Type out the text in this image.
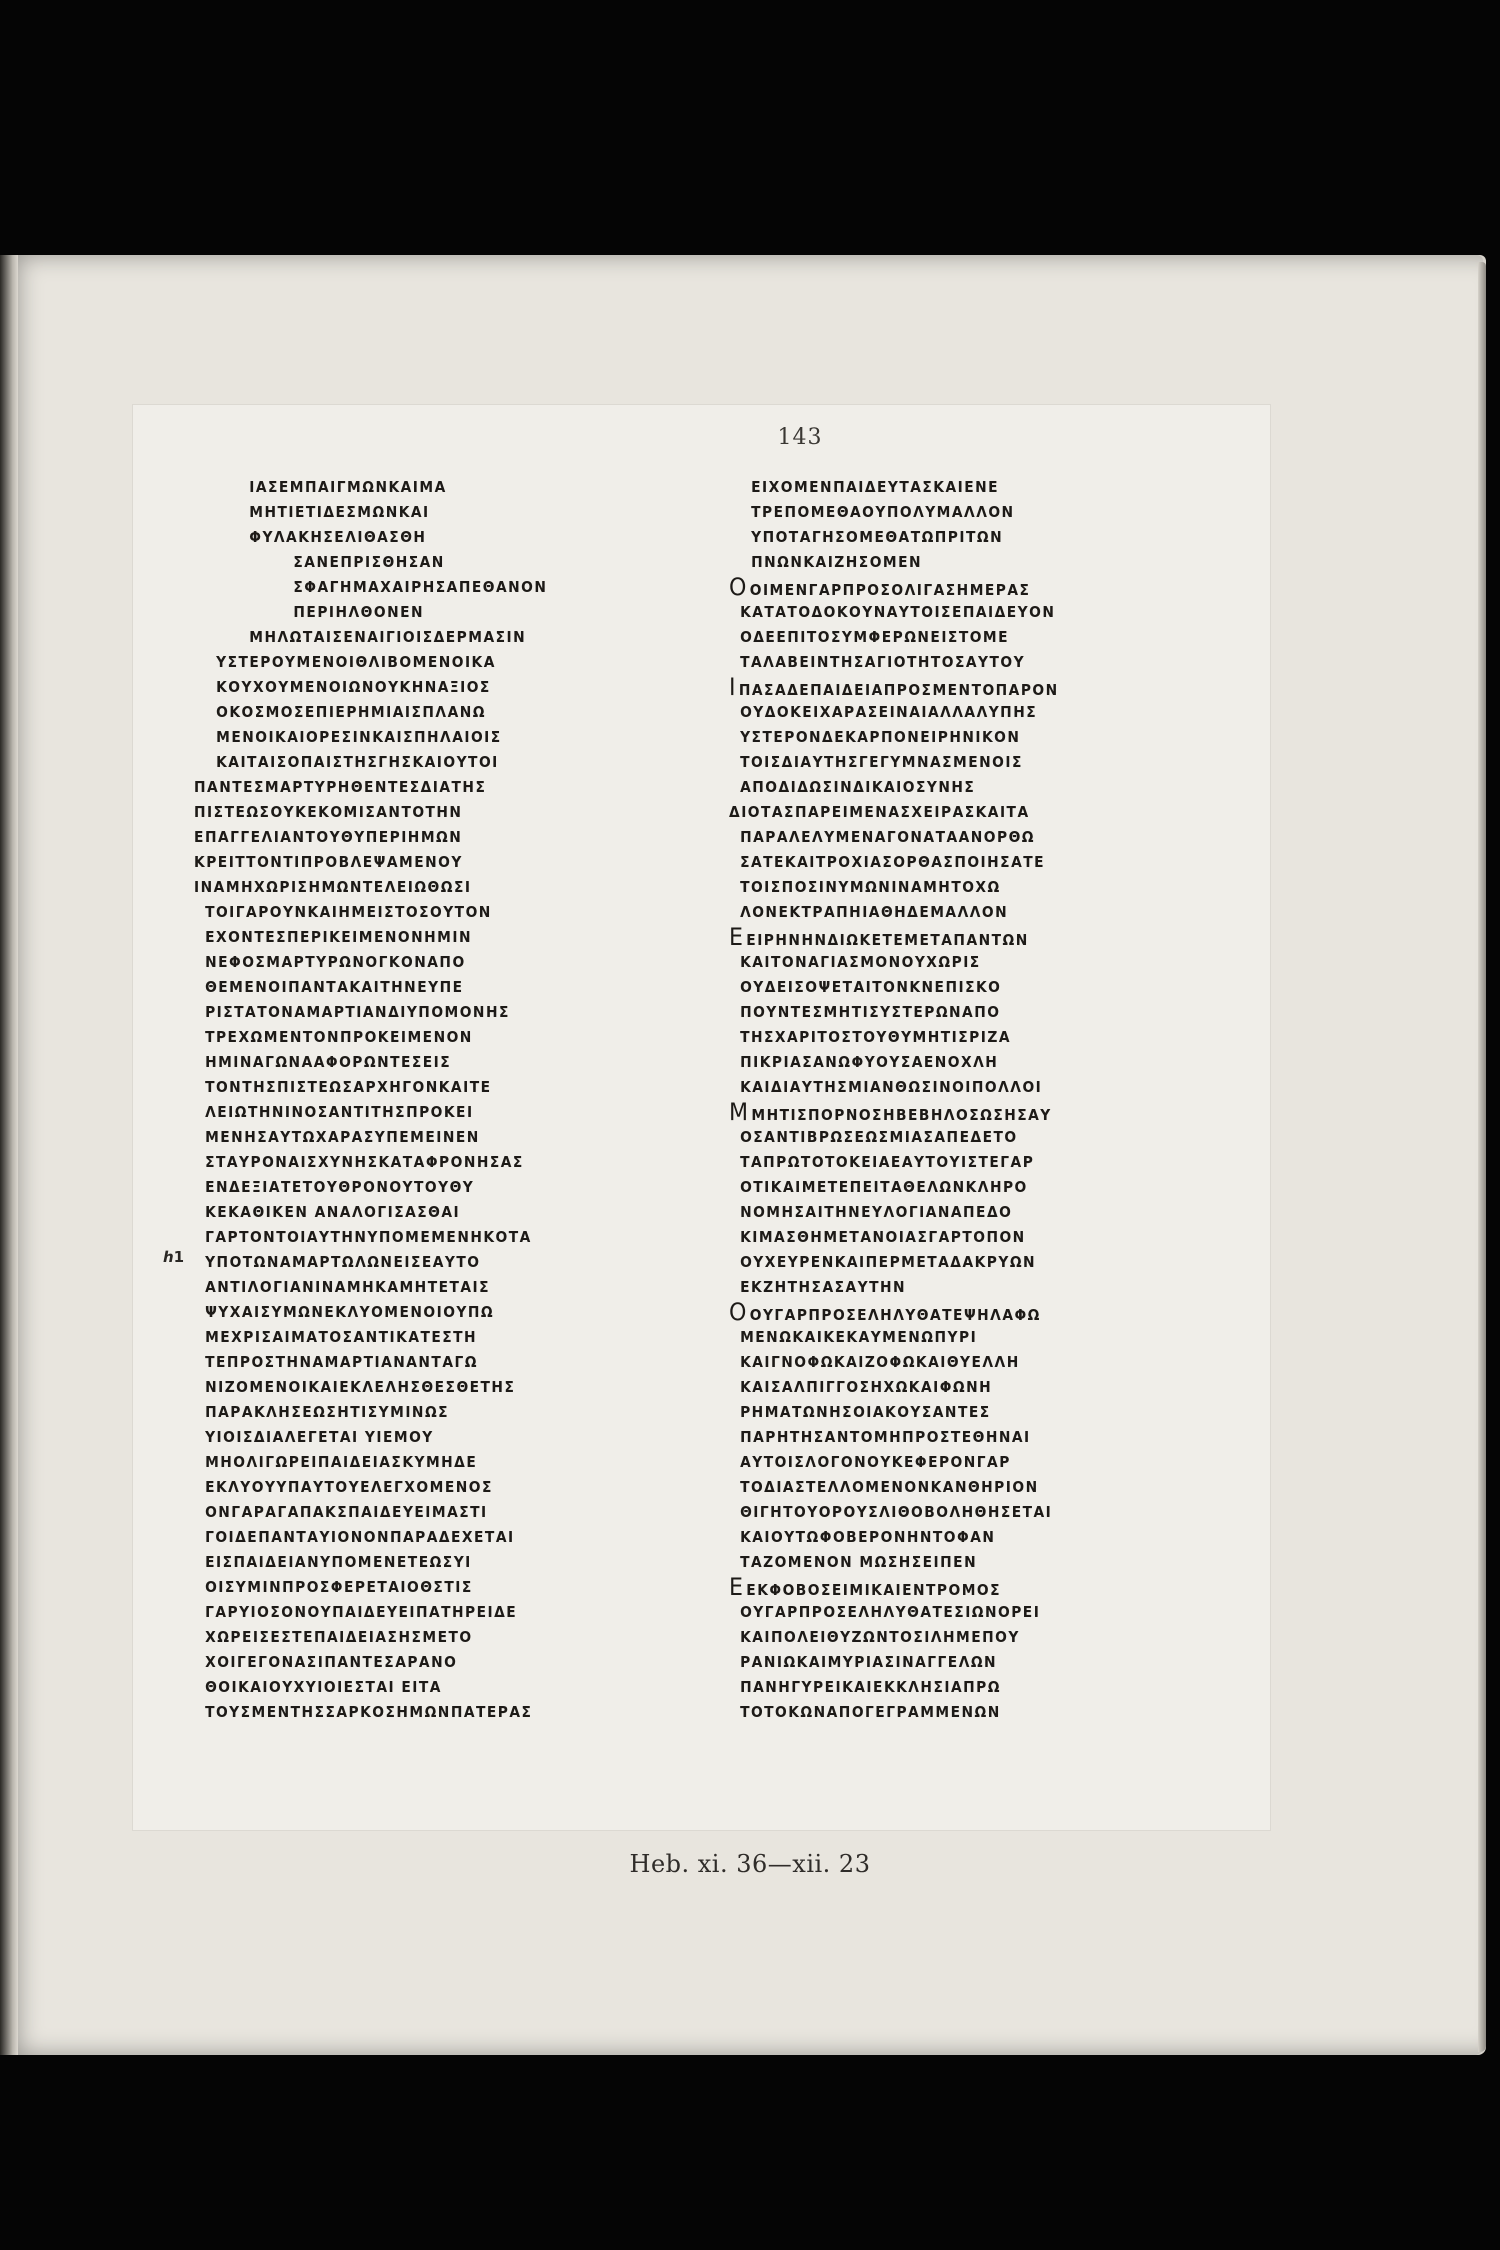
143
ℎ1
ΙΑΣΕΜΠΑΙΓΜΩΝΚΑΙΜΑ
ΜΗΤΙΕΤΙΔΕΣΜΩΝΚΑΙ
ΦΥΛΑΚΗΣΕΛΙΘΑΣΘΗ
ΣΑΝΕΠΡΙΣΘΗΣΑΝ
ΣΦΑΓΗΜΑΧΑΙΡΗΣΑΠΕΘΑΝΟΝ
ΠΕΡΙΗΛΘΟΝΕΝ
ΜΗΛΩΤΑΙΣΕΝΑΙΓΙΟΙΣΔΕΡΜΑΣΙΝ
ΥΣΤΕΡΟΥΜΕΝΟΙΘΛΙΒΟΜΕΝΟΙΚΑ
ΚΟΥΧΟΥΜΕΝΟΙΩΝΟΥΚΗΝΑΞΙΟΣ
ΟΚΟΣΜΟΣΕΠΙΕΡΗΜΙΑΙΣΠΛΑΝΩ
ΜΕΝΟΙΚΑΙΟΡΕΣΙΝΚΑΙΣΠΗΛΑΙΟΙΣ
ΚΑΙΤΑΙΣΟΠΑΙΣΤΗΣΓΗΣΚΑΙΟΥΤΟΙ
ΠΑΝΤΕΣΜΑΡΤΥΡΗΘΕΝΤΕΣΔΙΑΤΗΣ
ΠΙΣΤΕΩΣΟΥΚΕΚΟΜΙΣΑΝΤΟΤΗΝ
ΕΠΑΓΓΕΛΙΑΝΤΟΥΘΥΠΕΡΙΗΜΩΝ
ΚΡΕΙΤΤΟΝΤΙΠΡΟΒΛΕΨΑΜΕΝΟΥ
ΙΝΑΜΗΧΩΡΙΣΗΜΩΝΤΕΛΕΙΩΘΩΣΙ
ΤΟΙΓΑΡΟΥΝΚΑΙΗΜΕΙΣΤΟΣΟΥΤΟΝ
ΕΧΟΝΤΕΣΠΕΡΙΚΕΙΜΕΝΟΝΗΜΙΝ
ΝΕΦΟΣΜΑΡΤΥΡΩΝΟΓΚΟΝΑΠΟ
ΘΕΜΕΝΟΙΠΑΝΤΑΚΑΙΤΗΝΕΥΠΕ
ΡΙΣΤΑΤΟΝΑΜΑΡΤΙΑΝΔΙΥΠΟΜΟΝΗΣ
ΤΡΕΧΩΜΕΝΤΟΝΠΡΟΚΕΙΜΕΝΟΝ
ΗΜΙΝΑΓΩΝΑΑΦΟΡΩΝΤΕΣΕΙΣ
ΤΟΝΤΗΣΠΙΣΤΕΩΣΑΡΧΗΓΟΝΚΑΙΤΕ
ΛΕΙΩΤΗΝΙΝΟΣΑΝΤΙΤΗΣΠΡΟΚΕΙ
ΜΕΝΗΣΑΥΤΩΧΑΡΑΣΥΠΕΜΕΙΝΕΝ
ΣΤΑΥΡΟΝΑΙΣΧΥΝΗΣΚΑΤΑΦΡΟΝΗΣΑΣ
ΕΝΔΕΞΙΑΤΕΤΟΥΘΡΟΝΟΥΤΟΥΘΥ
ΚΕΚΑΘΙΚΕΝ ΑΝΑΛΟΓΙΣΑΣΘΑΙ
ΓΑΡΤΟΝΤΟΙΑΥΤΗΝΥΠΟΜΕΜΕΝΗΚΟΤΑ
ΥΠΟΤΩΝΑΜΑΡΤΩΛΩΝΕΙΣΕΑΥΤΟ
ΑΝΤΙΛΟΓΙΑΝΙΝΑΜΗΚΑΜΗΤΕΤΑΙΣ
ΨΥΧΑΙΣΥΜΩΝΕΚΛΥΟΜΕΝΟΙΟΥΠΩ
ΜΕΧΡΙΣΑΙΜΑΤΟΣΑΝΤΙΚΑΤΕΣΤΗ
ΤΕΠΡΟΣΤΗΝΑΜΑΡΤΙΑΝΑΝΤΑΓΩ
ΝΙΖΟΜΕΝΟΙΚΑΙΕΚΛΕΛΗΣΘΕΣΘΕΤΗΣ
ΠΑΡΑΚΛΗΣΕΩΣΗΤΙΣΥΜΙΝΩΣ
ΥΙΟΙΣΔΙΑΛΕΓΕΤΑΙ ΥΙΕΜΟΥ
ΜΗΟΛΙΓΩΡΕΙΠΑΙΔΕΙΑΣΚΥΜΗΔΕ
ΕΚΛΥΟΥΥΠΑΥΤΟΥΕΛΕΓΧΟΜΕΝΟΣ
ΟΝΓΑΡΑΓΑΠΑΚΣΠΑΙΔΕΥΕΙΜΑΣΤΙ
ΓΟΙΔΕΠΑΝΤΑΥΙΟΝΟΝΠΑΡΑΔΕΧΕΤΑΙ
ΕΙΣΠΑΙΔΕΙΑΝΥΠΟΜΕΝΕΤΕΩΣΥΙ
ΟΙΣΥΜΙΝΠΡΟΣΦΕΡΕΤΑΙΟΘΣΤΙΣ
ΓΑΡΥΙΟΣΟΝΟΥΠΑΙΔΕΥΕΙΠΑΤΗΡΕΙΔΕ
ΧΩΡΕΙΣΕΣΤΕΠΑΙΔΕΙΑΣΗΣΜΕΤΟ
ΧΟΙΓΕΓΟΝΑΣΙΠΑΝΤΕΣΑΡΑΝΟ
ΘΟΙΚΑΙΟΥΧΥΙΟΙΕΣΤΑΙ ΕΙΤΑ
ΤΟΥΣΜΕΝΤΗΣΣΑΡΚΟΣΗΜΩΝΠΑΤΕΡΑΣ
ΕΙΧΟΜΕΝΠΑΙΔΕΥΤΑΣΚΑΙΕΝΕ
ΤΡΕΠΟΜΕΘΑΟΥΠΟΛΥΜΑΛΛΟΝ
ΥΠΟΤΑΓΗΣΟΜΕΘΑΤΩΠΡΙΤΩΝ
ΠΝΩΝΚΑΙΖΗΣΟΜΕΝ
ΟΟΙΜΕΝΓΑΡΠΡΟΣΟΛΙΓΑΣΗΜΕΡΑΣ
ΚΑΤΑΤΟΔΟΚΟΥΝΑΥΤΟΙΣΕΠΑΙΔΕΥΟΝ
ΟΔΕΕΠΙΤΟΣΥΜΦΕΡΩΝΕΙΣΤΟΜΕ
ΤΑΛΑΒΕΙΝΤΗΣΑΓΙΟΤΗΤΟΣΑΥΤΟΥ
ΙΠΑΣΑΔΕΠΑΙΔΕΙΑΠΡΟΣΜΕΝΤΟΠΑΡΟΝ
ΟΥΔΟΚΕΙΧΑΡΑΣΕΙΝΑΙΑΛΛΑΛΥΠΗΣ
ΥΣΤΕΡΟΝΔΕΚΑΡΠΟΝΕΙΡΗΝΙΚΟΝ
ΤΟΙΣΔΙΑΥΤΗΣΓΕΓΥΜΝΑΣΜΕΝΟΙΣ
ΑΠΟΔΙΔΩΣΙΝΔΙΚΑΙΟΣΥΝΗΣ
ΔΙΟΤΑΣΠΑΡΕΙΜΕΝΑΣΧΕΙΡΑΣΚΑΙΤΑ
ΠΑΡΑΛΕΛΥΜΕΝΑΓΟΝΑΤΑΑΝΟΡΘΩ
ΣΑΤΕΚΑΙΤΡΟΧΙΑΣΟΡΘΑΣΠΟΙΗΣΑΤΕ
ΤΟΙΣΠΟΣΙΝΥΜΩΝΙΝΑΜΗΤΟΧΩ
ΛΟΝΕΚΤΡΑΠΗΙΑΘΗΔΕΜΑΛΛΟΝ
ΕΕΙΡΗΝΗΝΔΙΩΚΕΤΕΜΕΤΑΠΑΝΤΩΝ
ΚΑΙΤΟΝΑΓΙΑΣΜΟΝΟΥΧΩΡΙΣ
ΟΥΔΕΙΣΟΨΕΤΑΙΤΟΝΚΝΕΠΙΣΚΟ
ΠΟΥΝΤΕΣΜΗΤΙΣΥΣΤΕΡΩΝΑΠΟ
ΤΗΣΧΑΡΙΤΟΣΤΟΥΘΥΜΗΤΙΣΡΙΖΑ
ΠΙΚΡΙΑΣΑΝΩΦΥΟΥΣΑΕΝΟΧΛΗ
ΚΑΙΔΙΑΥΤΗΣΜΙΑΝΘΩΣΙΝΟΙΠΟΛΛΟΙ
ΜΜΗΤΙΣΠΟΡΝΟΣΗΒΕΒΗΛΟΣΩΣΗΣΑΥ
ΟΣΑΝΤΙΒΡΩΣΕΩΣΜΙΑΣΑΠΕΔΕΤΟ
ΤΑΠΡΩΤΟΤΟΚΕΙΑΕΑΥΤΟΥΙΣΤΕΓΑΡ
ΟΤΙΚΑΙΜΕΤΕΠΕΙΤΑΘΕΛΩΝΚΛΗΡΟ
ΝΟΜΗΣΑΙΤΗΝΕΥΛΟΓΙΑΝΑΠΕΔΟ
ΚΙΜΑΣΘΗΜΕΤΑΝΟΙΑΣΓΑΡΤΟΠΟΝ
ΟΥΧΕΥΡΕΝΚΑΙΠΕΡΜΕΤΑΔΑΚΡΥΩΝ
ΕΚΖΗΤΗΣΑΣΑΥΤΗΝ
ΟΟΥΓΑΡΠΡΟΣΕΛΗΛΥΘΑΤΕΨΗΛΑΦΩ
ΜΕΝΩΚΑΙΚΕΚΑΥΜΕΝΩΠΥΡΙ
ΚΑΙΓΝΟΦΩΚΑΙΖΟΦΩΚΑΙΘΥΕΛΛΗ
ΚΑΙΣΑΛΠΙΓΓΟΣΗΧΩΚΑΙΦΩΝΗ
ΡΗΜΑΤΩΝΗΣΟΙΑΚΟΥΣΑΝΤΕΣ
ΠΑΡΗΤΗΣΑΝΤΟΜΗΠΡΟΣΤΕΘΗΝΑΙ
ΑΥΤΟΙΣΛΟΓΟΝΟΥΚΕΦΕΡΟΝΓΑΡ
ΤΟΔΙΑΣΤΕΛΛΟΜΕΝΟΝΚΑΝΘΗΡΙΟΝ
ΘΙΓΗΤΟΥΟΡΟΥΣΛΙΘΟΒΟΛΗΘΗΣΕΤΑΙ
ΚΑΙΟΥΤΩΦΟΒΕΡΟΝΗΝΤΟΦΑΝ
ΤΑΖΟΜΕΝΟΝ ΜΩΣΗΣΕΙΠΕΝ
ΕΕΚΦΟΒΟΣΕΙΜΙΚΑΙΕΝΤΡΟΜΟΣ
ΟΥΓΑΡΠΡΟΣΕΛΗΛΥΘΑΤΕΣΙΩΝΟΡΕΙ
ΚΑΙΠΟΛΕΙΘΥΖΩΝΤΟΣΙΛΗΜΕΠΟΥ
ΡΑΝΙΩΚΑΙΜΥΡΙΑΣΙΝΑΓΓΕΛΩΝ
ΠΑΝΗΓΥΡΕΙΚΑΙΕΚΚΛΗΣΙΑΠΡΩ
ΤΟΤΟΚΩΝΑΠΟΓΕΓΡΑΜΜΕΝΩΝ
Heb. xi. 36—xii. 23
